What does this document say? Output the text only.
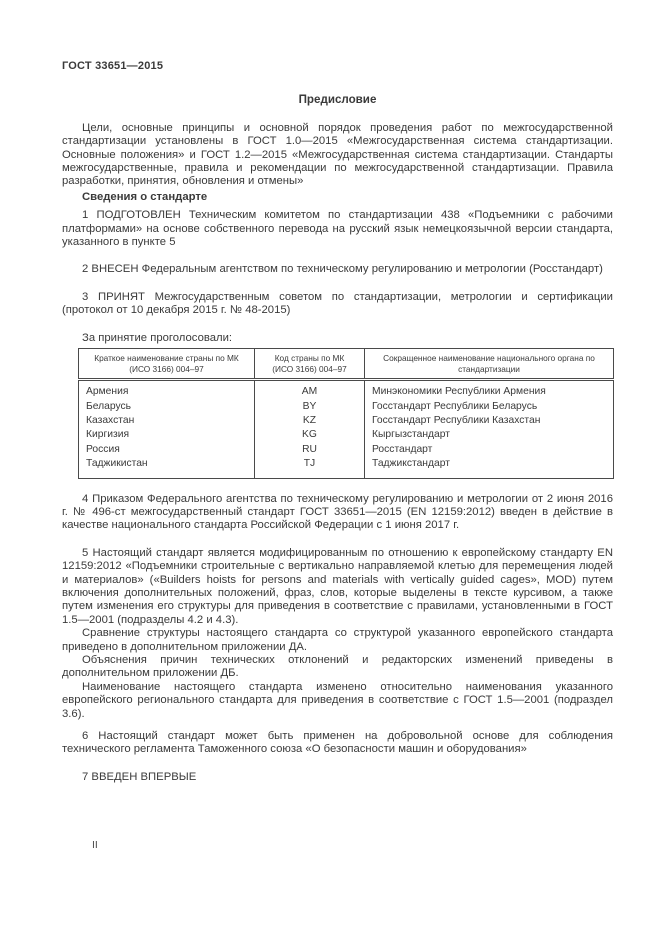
ГОСТ 33651—2015
Предисловие

Цели, основные принципы и основной порядок проведения работ по межгосударственной стандартизации установлены в ГОСТ 1.0—2015 «Межгосударственная система стандартизации. Основные положения» и ГОСТ 1.2—2015 «Межгосударственная система стандартизации. Стандарты межгосударственные, правила и рекомендации по межгосударственной стандартизации. Правила разработки, принятия, обновления и отмены»

Сведения о стандарте

1 ПОДГОТОВЛЕН Техническим комитетом по стандартизации 438 «Подъемники с рабочими платформами» на основе собственного перевода на русский язык немецкоязычной версии стандарта, указанного в пункте 5

2 ВНЕСЕН Федеральным агентством по техническому регулированию и метрологии (Росстандарт)

3 ПРИНЯТ Межгосударственным советом по стандартизации, метрологии и сертификации (протокол от 10 декабря 2015 г. № 48-2015)

За принятие проголосовали:

Краткое наименование страны по МК (ИСО 3166) 004–97	Код страны по МК (ИСО 3166) 004–97	Сокращенное наименование национального органа по стандартизации
Армения	AM	Минэкономики Республики Армения
Беларусь	BY	Госстандарт Республики Беларусь
Казахстан	KZ	Госстандарт Республики Казахстан
Киргизия	KG	Кыргызстандарт
Россия	RU	Росстандарт
Таджикистан	TJ	Таджикстандарт

4 Приказом Федерального агентства по техническому регулированию и метрологии от 2 июня 2016 г. № 496-ст межгосударственный стандарт ГОСТ 33651—2015 (EN 12159:2012) введен в действие в качестве национального стандарта Российской Федерации с 1 июня 2017 г.

5 Настоящий стандарт является модифицированным по отношению к европейскому стандарту EN 12159:2012 «Подъемники строительные с вертикально направляемой клетью для перемещения людей и материалов» («Builders hoists for persons and materials with vertically guided cages», MOD) путем включения дополнительных положений, фраз, слов, которые выделены в тексте курсивом, а также путем изменения его структуры для приведения в соответствие с правилами, установленными в ГОСТ 1.5—2001 (подразделы 4.2 и 4.3).

Сравнение структуры настоящего стандарта со структурой указанного европейского стандарта приведено в дополнительном приложении ДА.

Объяснения причин технических отклонений и редакторских изменений приведены в дополнительном приложении ДБ.

Наименование настоящего стандарта изменено относительно наименования указанного европейского регионального стандарта для приведения в соответствие с ГОСТ 1.5—2001 (подраздел 3.6).

6 Настоящий стандарт может быть применен на добровольной основе для соблюдения технического регламента Таможенного союза «О безопасности машин и оборудования»

7 ВВЕДЕН ВПЕРВЫЕ

II
